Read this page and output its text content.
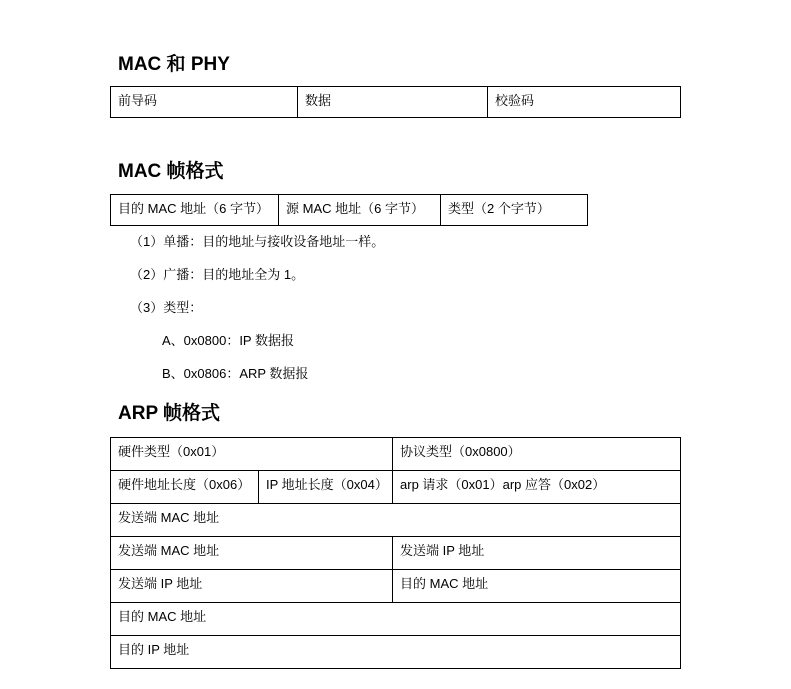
MAC 和 PHY
前导码	数据	校验码
MAC 帧格式
目的 MAC 地址（6 字节）	源 MAC 地址（6 字节）	类型（2 个字节）
（1）单播：目的地址与接收设备地址一样。
（2）广播：目的地址全为 1。
（3）类型：
A、0x0800：IP 数据报
B、0x0806：ARP 数据报
ARP 帧格式
硬件类型（0x01）		协议类型（0x0800）
硬件地址长度（0x06）	IP 地址长度（0x04）	arp 请求（0x01）arp 应答（0x02）
发送端 MAC 地址		
发送端 MAC 地址		发送端 IP 地址
发送端 IP 地址		目的 MAC 地址
目的 MAC 地址		
目的 IP 地址		
